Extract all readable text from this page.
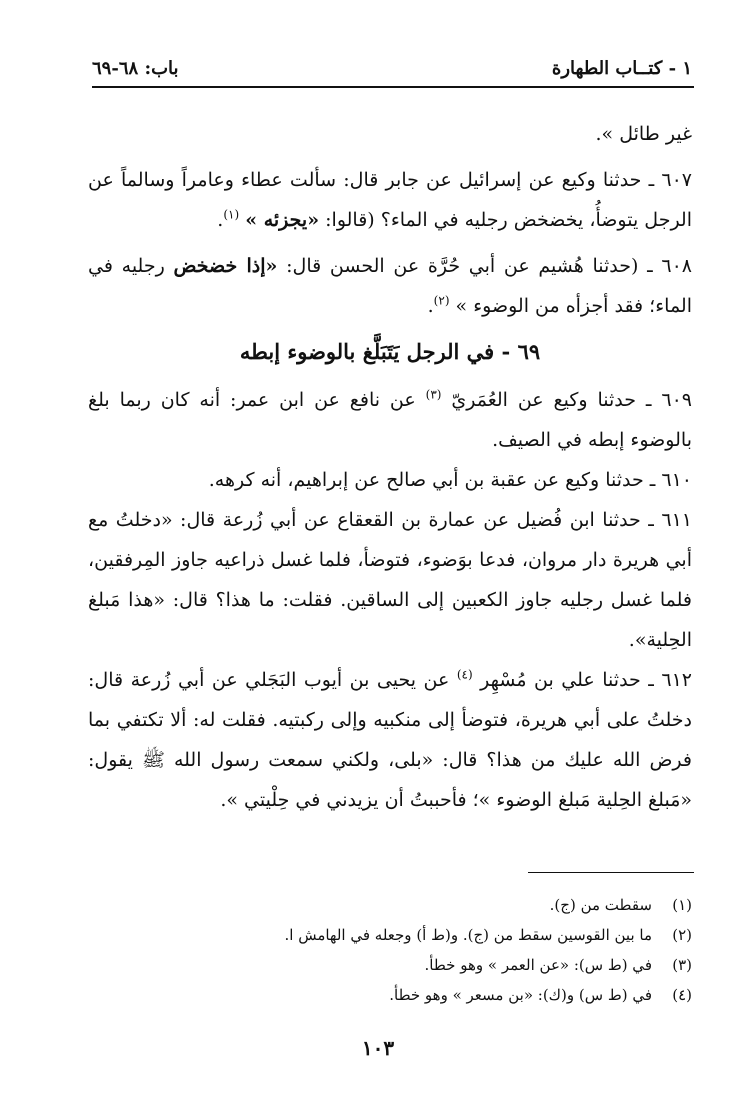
١ - كتــاب الطهارة
باب: ٦٨-٦٩

غير طائل ».

٦٠٧ ـ حدثنا وكيع عن إسرائيل عن جابر قال: سألت عطاء وعامراً وسالماً عن الرجل يتوضأُ، يخضخض رجليه في الماء؟ (قالوا: «يجزئه » $^{(١)}$.

٦٠٨ ـ (حدثنا هُشيم عن أبي حُرَّة عن الحسن قال: «إذا خضخض رجليه في الماء؛ فقد أجزأه من الوضوء » $^{(٢)}$.

٦٩ - في الرجل يَتَبَلَّغ بالوضوء إبطه

٦٠٩ ـ حدثنا وكيع عن العُمَريّ $^{(٣)}$ عن نافع عن ابن عمر: أنه كان ربما بلغ بالوضوء إبطه في الصيف.

٦١٠ ـ حدثنا وكيع عن عقبة بن أبي صالح عن إبراهيم، أنه كرهه.

٦١١ ـ حدثنا ابن فُضيل عن عمارة بن القعقاع عن أبي زُرعة قال: «دخلتُ مع أبي هريرة دار مروان، فدعا بوَضوء، فتوضأ، فلما غسل ذراعيه جاوز المِرفقين، فلما غسل رجليه جاوز الكعبين إلى الساقين. فقلت: ما هذا؟ قال: «هذا مَبلغ الحِلية».

٦١٢ ـ حدثنا علي بن مُسْهِر $^{(٤)}$ عن يحيى بن أيوب البَجَلي عن أبي زُرعة قال: دخلتُ على أبي هريرة، فتوضأ إلى منكبيه وإلى ركبتيه. فقلت له: ألا تكتفي بما فرض الله عليك من هذا؟ قال: «بلى، ولكني سمعت رسول الله ﷺ يقول: «مَبلغ الحِلية مَبلغ الوضوء »؛ فأحببتُ أن يزيدني في حِلْيتي ».

(١)
سقطت من (ج).
(٢)
ما بين القوسين سقط من (ج). و(ط أ) وجعله في الهامش ا.
(٣)
في (ط س): «عن العمر » وهو خطأ.
(٤)
في (ط س) و(ك): «بن مسعر » وهو خطأ.
١٠٣
